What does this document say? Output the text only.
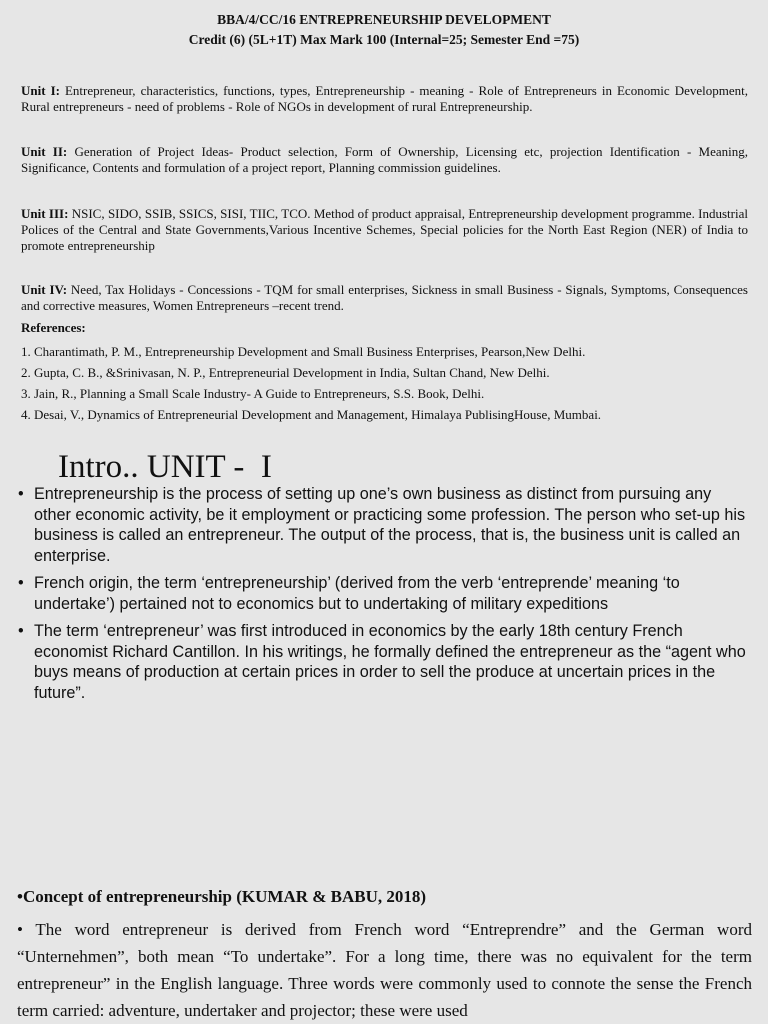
BBA/4/CC/16 ENTREPRENEURSHIP DEVELOPMENT
Credit (6) (5L+1T) Max Mark 100 (Internal=25; Semester End =75)
Unit I: Entrepreneur, characteristics, functions, types, Entrepreneurship - meaning - Role of Entrepreneurs in Economic Development, Rural entrepreneurs - need of problems - Role of NGOs in development of rural Entrepreneurship.
Unit II: Generation of Project Ideas- Product selection, Form of Ownership, Licensing etc, projection Identification - Meaning, Significance, Contents and formulation of a project report, Planning commission guidelines.
Unit III: NSIC, SIDO, SSIB, SSICS, SISI, TIIC, TCO. Method of product appraisal, Entrepreneurship development programme. Industrial Polices of the Central and State Governments,Various Incentive Schemes, Special policies for the North East Region (NER) of India to promote entrepreneurship
Unit IV: Need, Tax Holidays - Concessions - TQM for small enterprises, Sickness in small Business - Signals, Symptoms, Consequences and corrective measures, Women Entrepreneurs –recent trend.
References:
1. Charantimath, P. M., Entrepreneurship Development and Small Business Enterprises, Pearson,New Delhi.
2. Gupta, C. B., &Srinivasan, N. P., Entrepreneurial Development in India, Sultan Chand, New Delhi.
3. Jain, R., Planning a Small Scale Industry- A Guide to Entrepreneurs, S.S. Book, Delhi.
4. Desai, V., Dynamics of Entrepreneurial Development and Management, Himalaya PublisingHouse, Mumbai.
Intro.. UNIT -  I
• Entrepreneurship is the process of setting up one’s own business as distinct from pursuing any other economic activity, be it employment or practicing some profession. The person who set-up his business is called an entrepreneur. The output of the process, that is, the business unit is called an enterprise.
• French origin, the term ‘entrepreneurship’ (derived from the verb ‘entreprende’ meaning ‘to undertake’) pertained not to economics but to undertaking of military expeditions
• The term ‘entrepreneur’ was first introduced in economics by the early 18th century French economist Richard Cantillon. In his writings, he formally defined the entrepreneur as the “agent who buys means of production at certain prices in order to sell the produce at uncertain prices in the future”.
•Concept of entrepreneurship (KUMAR & BABU, 2018)
• The word entrepreneur is derived from French word “Entreprendre” and the German word “Unternehmen”, both mean “To undertake”. For a long time, there was no equivalent for the term entrepreneur” in the English language. Three words were commonly used to connote the sense the French term carried: adventure, undertaker and projector; these were used
